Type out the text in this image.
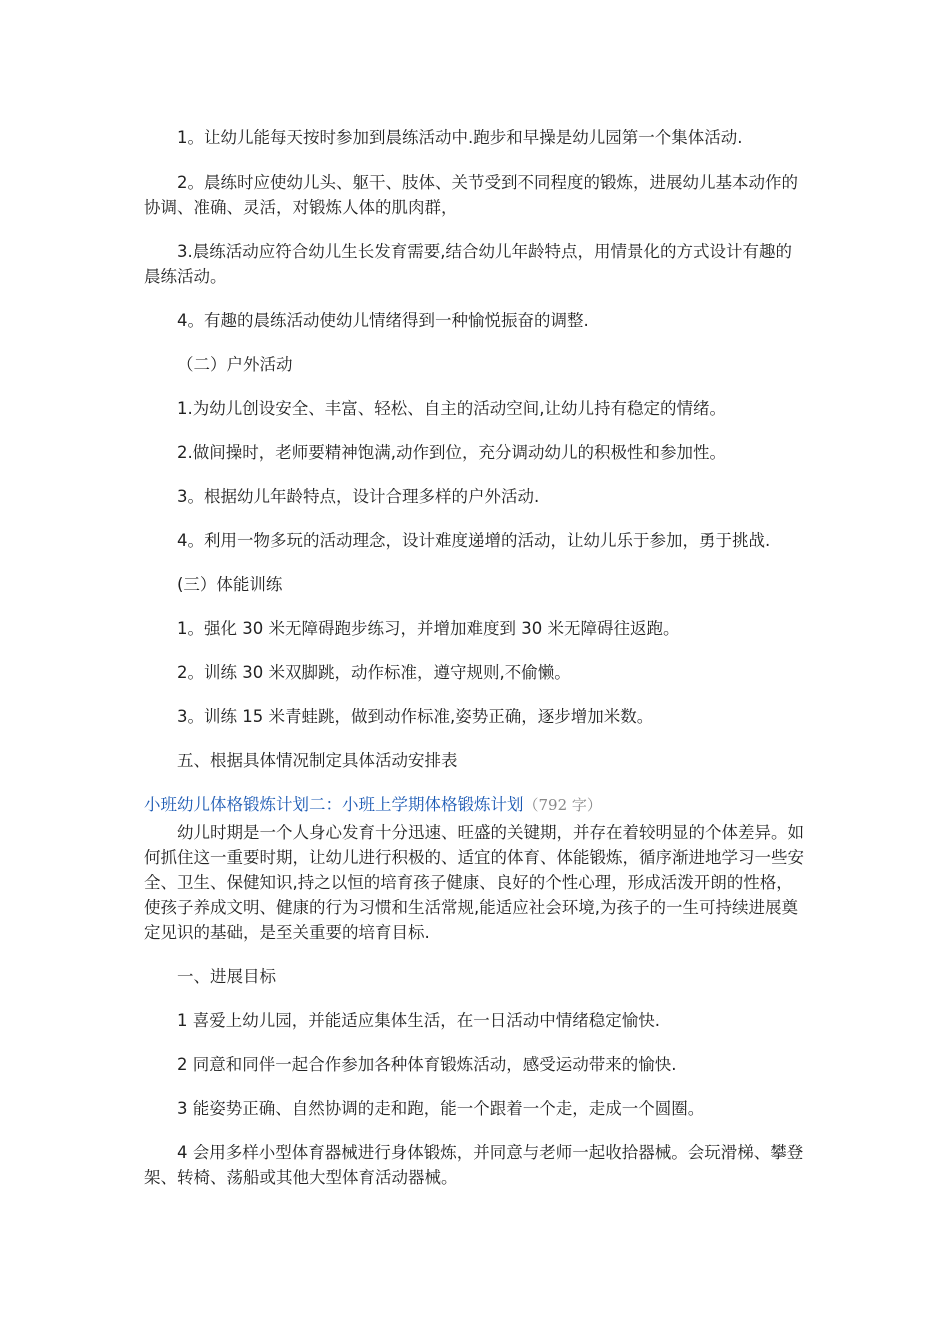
1。让幼儿能每天按时参加到晨练活动中.跑步和早操是幼儿园第一个集体活动.

2。晨练时应使幼儿头、躯干、肢体、关节受到不同程度的锻炼，进展幼儿基本动作的协调、准确、灵活，对锻炼人体的肌肉群，

3.晨练活动应符合幼儿生长发育需要,结合幼儿年龄特点，用情景化的方式设计有趣的晨练活动。

4。有趣的晨练活动使幼儿情绪得到一种愉悦振奋的调整.

（二）户外活动

1.为幼儿创设安全、丰富、轻松、自主的活动空间,让幼儿持有稳定的情绪。

2.做间操时，老师要精神饱满,动作到位，充分调动幼儿的积极性和参加性。

3。根据幼儿年龄特点，设计合理多样的户外活动.

4。利用一物多玩的活动理念，设计难度递增的活动，让幼儿乐于参加，勇于挑战.

(三）体能训练

1。强化 30 米无障碍跑步练习，并增加难度到 30 米无障碍往返跑。

2。训练 30 米双脚跳，动作标准，遵守规则,不偷懒。

3。训练 15 米青蛙跳，做到动作标准,姿势正确，逐步增加米数。

五、根据具体情况制定具体活动安排表

小班幼儿体格锻炼计划二：小班上学期体格锻炼计划（792 字）

幼儿时期是一个人身心发育十分迅速、旺盛的关键期，并存在着较明显的个体差异。如何抓住这一重要时期，让幼儿进行积极的、适宜的体育、体能锻炼，循序渐进地学习一些安全、卫生、保健知识,持之以恒的培育孩子健康、良好的个性心理，形成活泼开朗的性格，使孩子养成文明、健康的行为习惯和生活常规,能适应社会环境,为孩子的一生可持续进展奠定见识的基础，是至关重要的培育目标.

一、进展目标

1 喜爱上幼儿园，并能适应集体生活，在一日活动中情绪稳定愉快.

2 同意和同伴一起合作参加各种体育锻炼活动，感受运动带来的愉快.

3 能姿势正确、自然协调的走和跑，能一个跟着一个走，走成一个圆圈。

4 会用多样小型体育器械进行身体锻炼，并同意与老师一起收拾器械。会玩滑梯、攀登架、转椅、荡船或其他大型体育活动器械。
